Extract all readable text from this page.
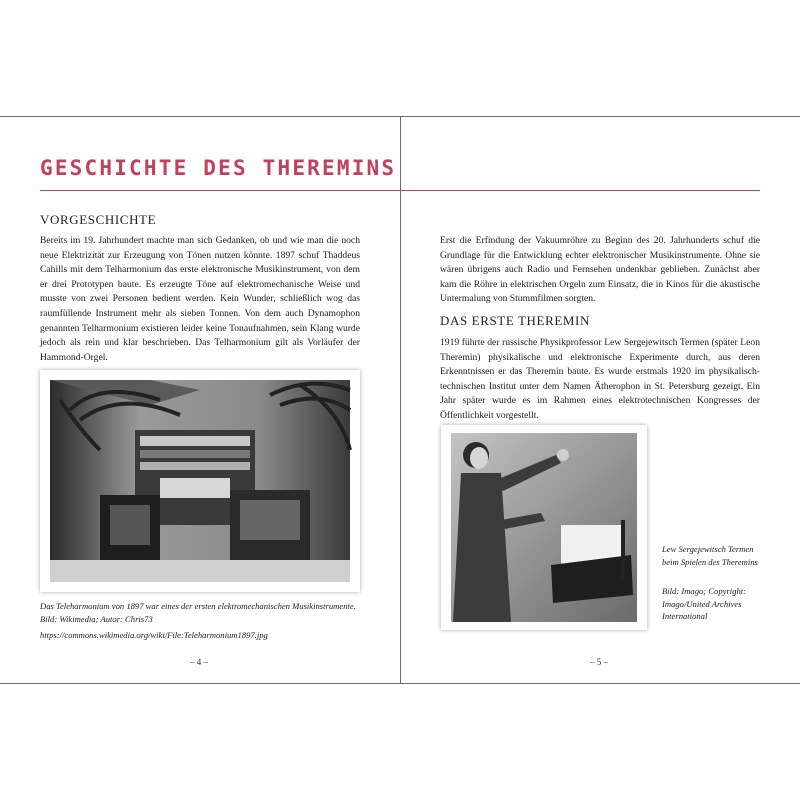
GESCHICHTE DES THEREMINS
VORGESCHICHTE

Bereits im 19. Jahrhundert machte man sich Gedanken, ob und wie man die noch neue Elektrizität zur Erzeugung von Tönen nutzen könnte. 1897 schuf Thaddeus Cahills mit dem Telharmonium das erste elektronische Musikinstrument, von dem er drei Prototypen baute. Es erzeugte Töne auf elektromechanische Weise und musste von zwei Personen bedient werden. Kein Wunder, schließlich wog das raumfüllende Instrument mehr als sieben Tonnen. Von dem auch Dynamophon genannten Telharmonium existieren leider keine Tonaufnahmen, sein Klang wurde jedoch als rein und klar beschrieben. Das Telharmonium gilt als Vorläufer der Hammond-Orgel.

Das Teleharmonium von 1897 war eines der ersten elektromechanischen Musikinstrumente. Bild: Wikimedia; Autor: Chris73
https://commons.wikimedia.org/wiki/File:Teleharmonium1897.jpg
– 4 –

Erst die Erfindung der Vakuumröhre zu Beginn des 20. Jahrhunderts schuf die Grundlage für die Entwicklung echter elektronischer Musikinstrumente. Ohne sie wären übrigens auch Radio und Fernsehen undenkbar geblieben. Zunächst aber kam die Röhre in elektrischen Orgeln zum Einsatz, die in Kinos für die akustische Untermalung von Stummfilmen sorgten.

DAS ERSTE THEREMIN

1919 führte der russische Physikprofessor Lew Sergejewitsch Termen (später Leon Theremin) physikalische und elektronische Experimente durch, aus deren Erkenntnissen er das Theremin baute. Es wurde erstmals 1920 im physikalisch-technischen Institut unter dem Namen Ätherophon in St. Petersburg gezeigt. Ein Jahr später wurde es im Rahmen eines elektrotechnischen Kongresses der Öffentlichkeit vorgestellt.

Lew Sergejewitsch Termen beim Spielen des Theremins
Bild: Imago; Copyright: Imago/United Archives International
– 5 –
